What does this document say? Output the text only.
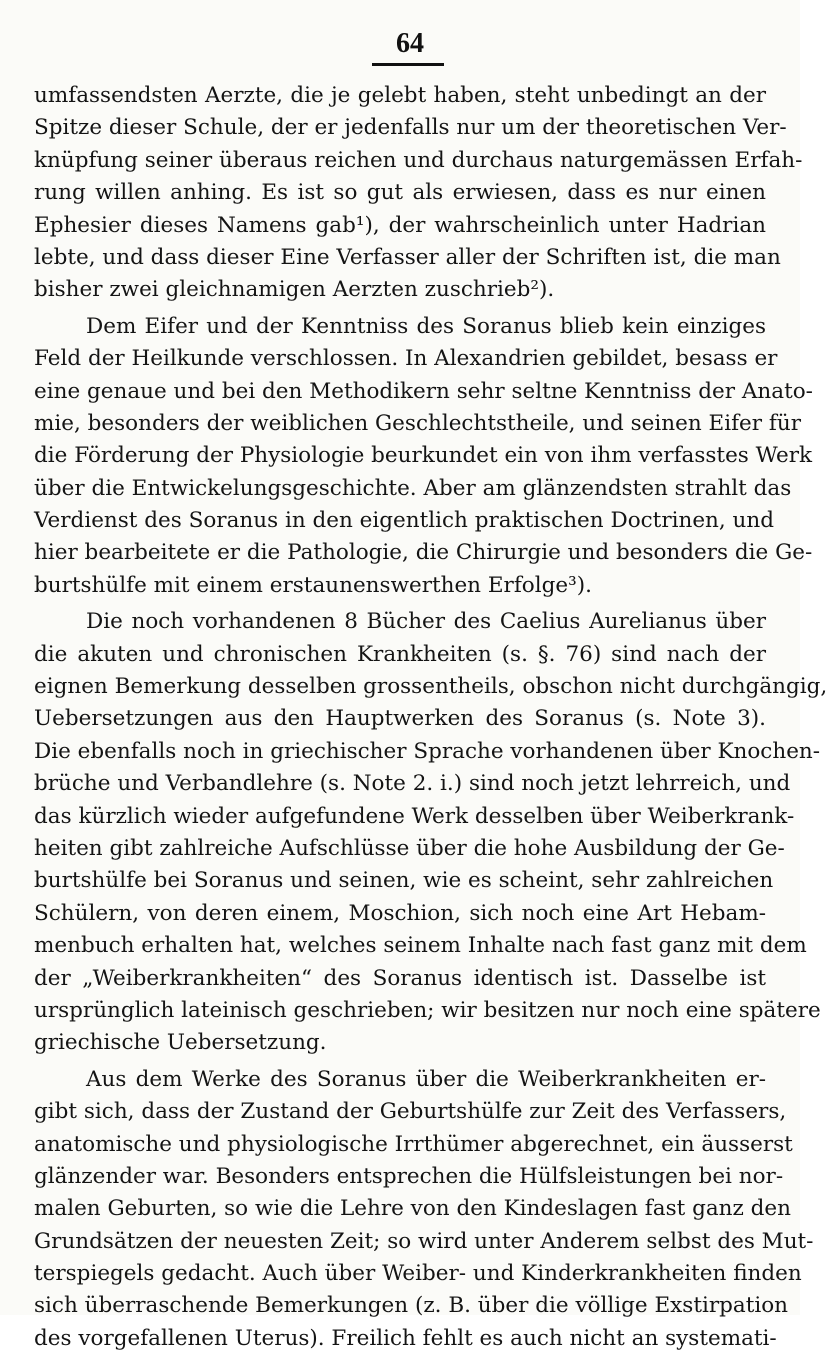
64
umfassendsten Aerzte, die je gelebt haben, steht unbedingt an der
Spitze dieser Schule, der er jedenfalls nur um der theoretischen Ver-
knüpfung seiner überaus reichen und durchaus naturgemässen Erfah-
rung willen anhing. Es ist so gut als erwiesen, dass es nur einen
Ephesier dieses Namens gab¹), der wahrscheinlich unter Hadrian
lebte, und dass dieser Eine Verfasser aller der Schriften ist, die man
bisher zwei gleichnamigen Aerzten zuschrieb²).
Dem Eifer und der Kenntniss des Soranus blieb kein einziges
Feld der Heilkunde verschlossen. In Alexandrien gebildet, besass er
eine genaue und bei den Methodikern sehr seltne Kenntniss der Anato-
mie, besonders der weiblichen Geschlechtstheile, und seinen Eifer für
die Förderung der Physiologie beurkundet ein von ihm verfasstes Werk
über die Entwickelungsgeschichte. Aber am glänzendsten strahlt das
Verdienst des Soranus in den eigentlich praktischen Doctrinen, und
hier bearbeitete er die Pathologie, die Chirurgie und besonders die Ge-
burtshülfe mit einem erstaunenswerthen Erfolge³).
Die noch vorhandenen 8 Bücher des Caelius Aurelianus über
die akuten und chronischen Krankheiten (s. §. 76) sind nach der
eignen Bemerkung desselben grossentheils, obschon nicht durchgängig,
Uebersetzungen aus den Hauptwerken des Soranus (s. Note 3).
Die ebenfalls noch in griechischer Sprache vorhandenen über Knochen-
brüche und Verbandlehre (s. Note 2. i.) sind noch jetzt lehrreich, und
das kürzlich wieder aufgefundene Werk desselben über Weiberkrank-
heiten gibt zahlreiche Aufschlüsse über die hohe Ausbildung der Ge-
burtshülfe bei Soranus und seinen, wie es scheint, sehr zahlreichen
Schülern, von deren einem, Moschion, sich noch eine Art Hebam-
menbuch erhalten hat, welches seinem Inhalte nach fast ganz mit dem
der „Weiberkrankheiten“ des Soranus identisch ist. Dasselbe ist
ursprünglich lateinisch geschrieben; wir besitzen nur noch eine spätere
griechische Uebersetzung.
Aus dem Werke des Soranus über die Weiberkrankheiten er-
gibt sich, dass der Zustand der Geburtshülfe zur Zeit des Verfassers,
anatomische und physiologische Irrthümer abgerechnet, ein äusserst
glänzender war. Besonders entsprechen die Hülfsleistungen bei nor-
malen Geburten, so wie die Lehre von den Kindeslagen fast ganz den
Grundsätzen der neuesten Zeit; so wird unter Anderem selbst des Mut-
terspiegels gedacht. Auch über Weiber- und Kinderkrankheiten finden
sich überraschende Bemerkungen (z. B. über die völlige Exstirpation
des vorgefallenen Uterus). Freilich fehlt es auch nicht an systemati-
